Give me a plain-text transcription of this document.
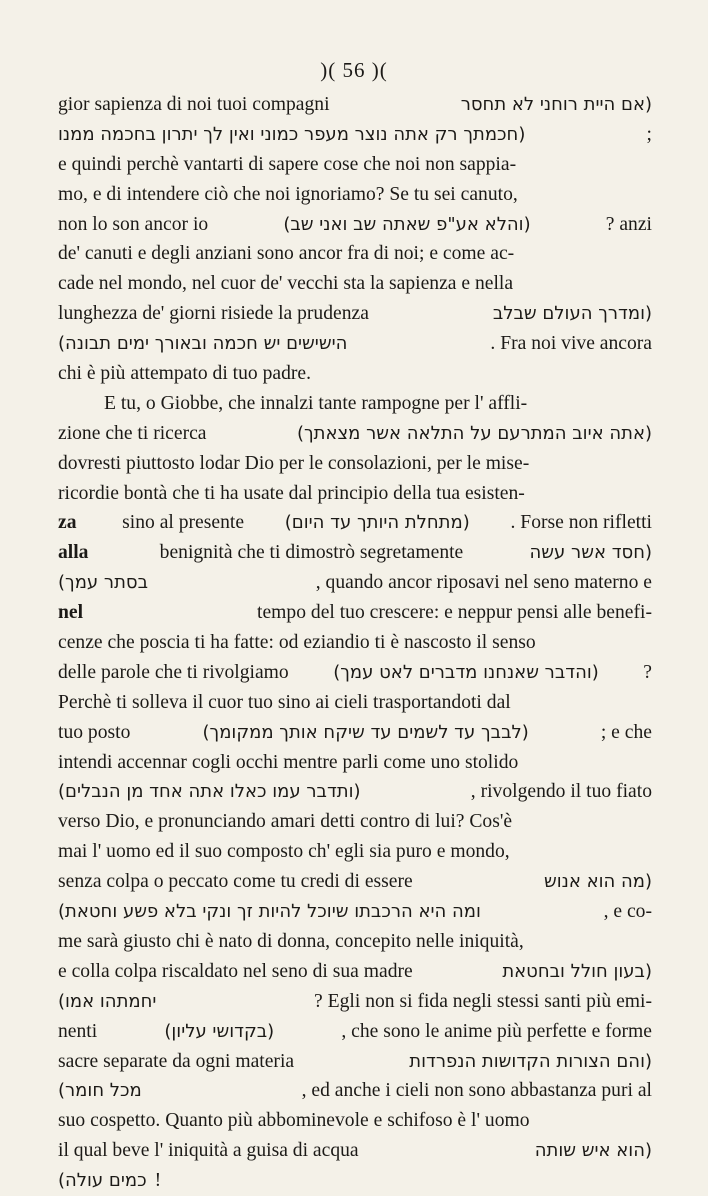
)( 56 )(
gior sapienza di noi tuoi compagni	(אם היית רוחני לא תחסר
(חכמתך רק אתה נוצר מעפר כמוני ואין לך יתרון בחכמה ממנו	;
e quindi perchè vantarti di sapere cose che noi non sappia-
mo, e di intendere ciò che noi ignoriamo? Se tu sei canuto,
non lo son ancor io	(והלא אע"פ שאתה שב ואני שב)	? anzi
de' canuti e degli anziani sono ancor fra di noi; e come ac-
cade nel mondo, nel cuor de' vecchi sta la sapienza e nella
lunghezza de' giorni risiede la prudenza	(ומדרך העולם שבלב
הישישים יש חכמה ובאורך ימים תבונה)	. Fra noi vive ancora
chi è più attempato di tuo padre.
E tu, o Giobbe, che innalzi tante rampogne per l' affli-
zione che ti ricerca	(אתה איוב המתרעם על התלאה אשר מצאתך)
dovresti piuttosto lodar Dio per le consolazioni, per le mise-
ricordie bontà che ti ha usate dal principio della tua esisten-
za sino al presente (מתחלת היותך עד היום) . Forse non rifletti
alla	benignità che ti dimostrò segretamente	(חסד אשר עשה
בסתר עמך)	, quando ancor riposavi nel seno materno e
nel	tempo del tuo crescere: e neppur pensi alle benefi-
cenze che poscia ti ha fatte: od eziandio ti è nascosto il senso
delle parole che ti rivolgiamo (והדבר שאנחנו מדברים לאט עמך) ?
Perchè ti solleva il cuor tuo sino ai cieli trasportandoti dal
tuo posto	(לבבך עד לשמים עד שיקח אותך ממקומך)	; e che
intendi accennar cogli occhi mentre parli come uno stolido
(ותדבר עמו כאלו אתה אחד מן הנבלים)	, rivolgendo il tuo fiato
verso Dio, e pronunciando amari detti contro di lui? Cos'è
mai l' uomo ed il suo composto ch' egli sia puro e mondo,
senza colpa o peccato come tu credi di essere	(מה הוא אנוש
ומה היא הרכבתו שיוכל להיות זך ונקי בלא פשע וחטאת)	, e co-
me sarà giusto chi è nato di donna, concepito nelle iniquità,
e colla colpa riscaldato nel seno di sua madre	(בעון חולל ובחטאת
יחמתהו אמו)	? Egli non si fida negli stessi santi più emi-
nenti	(בקדושי עליון)	, che sono le anime più perfette e forme
sacre separate da ogni materia	(והם הצורות הקדושות הנפרדות
מכל חומר)	, ed anche i cieli non sono abbastanza puri al
suo cospetto. Quanto più abbominevole e schifoso è l' uomo
il qual beve l' iniquità a guisa di acqua	(הוא איש שותה
כמים עולה) !
